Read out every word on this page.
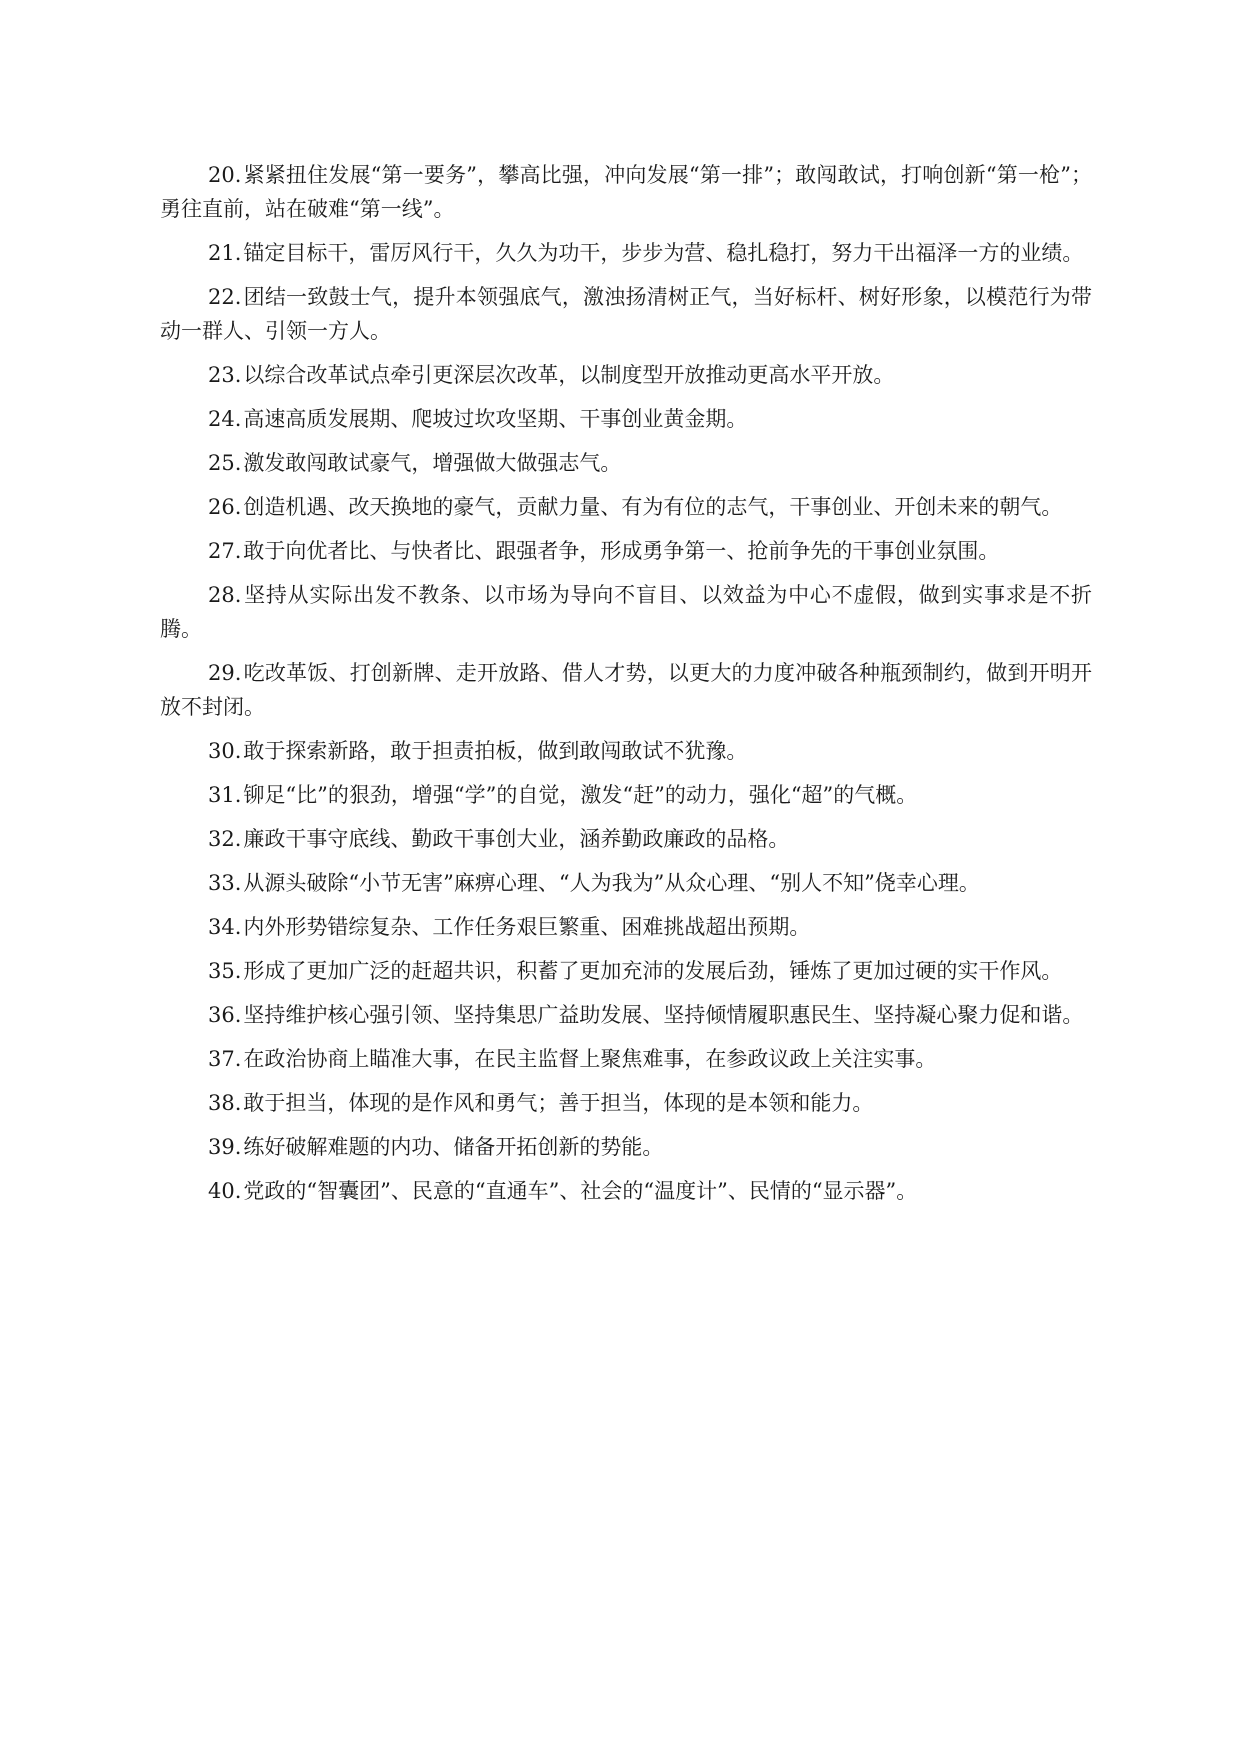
20.紧紧扭住发展“第一要务”，攀高比强，冲向发展“第一排”；敢闯敢试，打响创新“第一枪”；勇往直前，站在破难“第一线”。

21.锚定目标干，雷厉风行干，久久为功干，步步为营、稳扎稳打，努力干出福泽一方的业绩。

22.团结一致鼓士气，提升本领强底气，激浊扬清树正气，当好标杆、树好形象，以模范行为带动一群人、引领一方人。

23.以综合改革试点牵引更深层次改革，以制度型开放推动更高水平开放。

24.高速高质发展期、爬坡过坎攻坚期、干事创业黄金期。

25.激发敢闯敢试豪气，增强做大做强志气。

26.创造机遇、改天换地的豪气，贡献力量、有为有位的志气，干事创业、开创未来的朝气。

27.敢于向优者比、与快者比、跟强者争，形成勇争第一、抢前争先的干事创业氛围。

28.坚持从实际出发不教条、以市场为导向不盲目、以效益为中心不虚假，做到实事求是不折腾。

29.吃改革饭、打创新牌、走开放路、借人才势，以更大的力度冲破各种瓶颈制约，做到开明开放不封闭。

30.敢于探索新路，敢于担责拍板，做到敢闯敢试不犹豫。

31.铆足“比”的狠劲，增强“学”的自觉，激发“赶”的动力，强化“超”的气概。

32.廉政干事守底线、勤政干事创大业，涵养勤政廉政的品格。

33.从源头破除“小节无害”麻痹心理、“人为我为”从众心理、“别人不知”侥幸心理。

34.内外形势错综复杂、工作任务艰巨繁重、困难挑战超出预期。

35.形成了更加广泛的赶超共识，积蓄了更加充沛的发展后劲，锤炼了更加过硬的实干作风。

36.坚持维护核心强引领、坚持集思广益助发展、坚持倾情履职惠民生、坚持凝心聚力促和谐。

37.在政治协商上瞄准大事，在民主监督上聚焦难事，在参政议政上关注实事。

38.敢于担当，体现的是作风和勇气；善于担当，体现的是本领和能力。

39.练好破解难题的内功、储备开拓创新的势能。

40.党政的“智囊团”、民意的“直通车”、社会的“温度计”、民情的“显示器”。
